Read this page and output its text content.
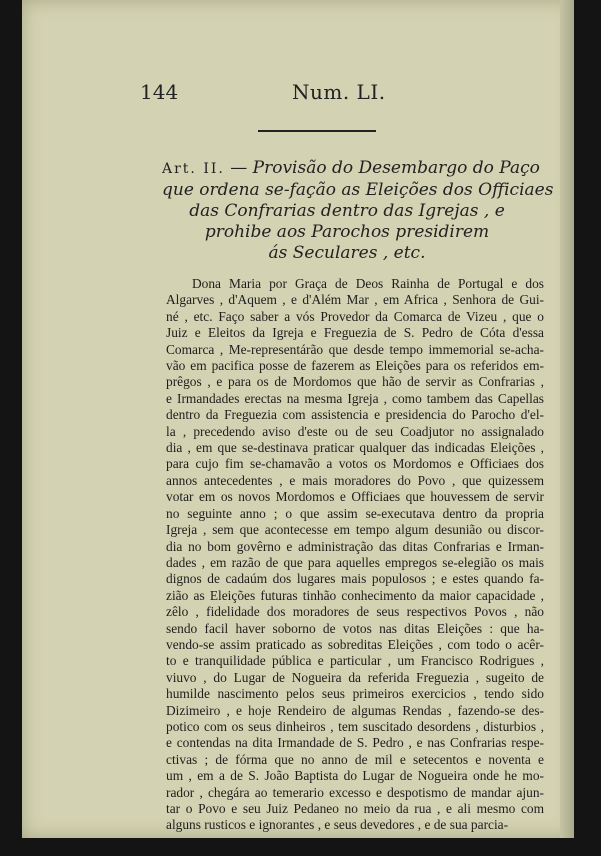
144	Num. LI.
Art. II. — Provisão do Desembargo do Paço
que ordena se-fação as Eleições dos Officiaes
das Confrarias dentro das Igrejas , e
prohibe aos Parochos presidirem
ás Seculares , etc.
Dona Maria por Graça de Deos Rainha de Portugal e dos
Algarves , d'Aquem , e d'Além Mar , em Africa , Senhora de Gui-
né , etc. Faço saber a vós Provedor da Comarca de Vizeu , que o
Juiz e Eleitos da Igreja e Freguezia de S. Pedro de Cóta d'essa
Comarca , Me-representárão que desde tempo immemorial se-acha-
vão em pacifica posse de fazerem as Eleições para os referidos em-
prêgos , e para os de Mordomos que hão de servir as Confrarias ,
e Irmandades erectas na mesma Igreja , como tambem das Capellas
dentro da Freguezia com assistencia e presidencia do Parocho d'el-
la , precedendo aviso d'este ou de seu Coadjutor no assignalado
dia , em que se-destinava praticar qualquer das indicadas Eleições ,
para cujo fim se-chamavão a votos os Mordomos e Officiaes dos
annos antecedentes , e mais moradores do Povo , que quizessem
votar em os novos Mordomos e Officiaes que houvessem de servir
no seguinte anno ; o que assim se-executava dentro da propria
Igreja , sem que acontecesse em tempo algum desunião ou discor-
dia no bom govêrno e administração das ditas Confrarias e Irman-
dades , em razão de que para aquelles empregos se-elegião os mais
dignos de cadaúm dos lugares mais populosos ; e estes quando fa-
zião as Eleições futuras tinhão conhecimento da maior capacidade ,
zêlo , fidelidade dos moradores de seus respectivos Povos , não
sendo facil haver soborno de votos nas ditas Eleições : que ha-
vendo-se assim praticado as sobreditas Eleições , com todo o acêr-
to e tranquilidade pública e particular , um Francisco Rodrigues ,
viuvo , do Lugar de Nogueira da referida Freguezia , sugeito de
humilde nascimento pelos seus primeiros exercicios , tendo sido
Dizimeiro , e hoje Rendeiro de algumas Rendas , fazendo-se des-
potico com os seus dinheiros , tem suscitado desordens , disturbios ,
e contendas na dita Irmandade de S. Pedro , e nas Confrarias respe-
ctivas ; de fórma que no anno de mil e setecentos e noventa e
um , em a de S. João Baptista do Lugar de Nogueira onde he mo-
rador , chegára ao temerario excesso e despotismo de mandar ajun-
tar o Povo e seu Juiz Pedaneo no meio da rua , e ali mesmo com
alguns rusticos e ignorantes , e seus devedores , e de sua parcia-
